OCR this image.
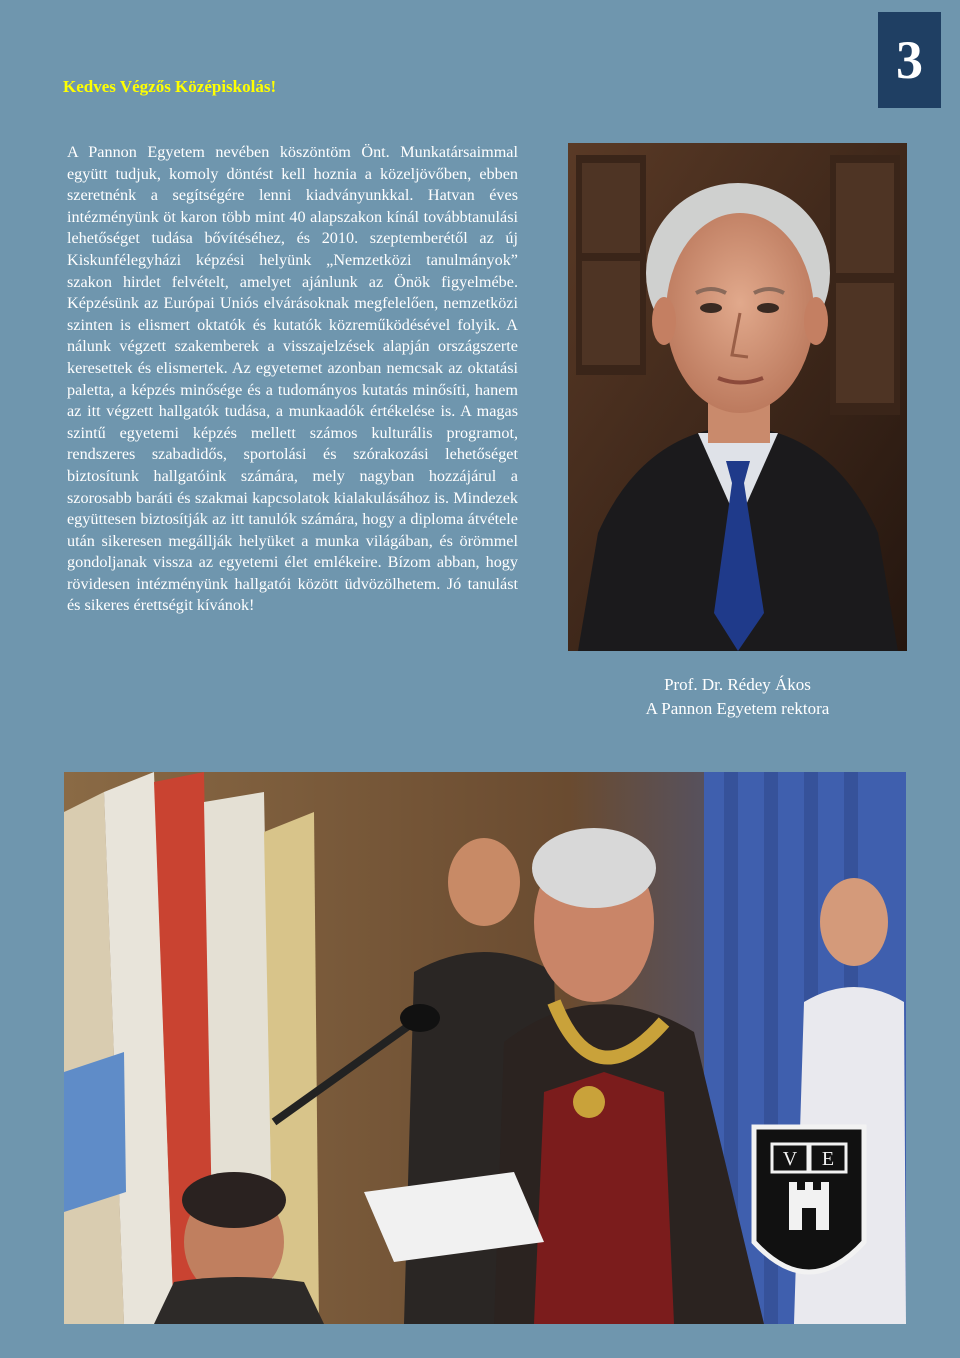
3
Kedves Végzős Középiskolás!

A Pannon Egyetem nevében köszöntöm Önt. Munkatársaimmal együtt tudjuk, komoly döntést kell hoznia a közeljövőben, ebben szeretnénk a segítségére lenni kiadványunkkal. Hatvan éves intézményünk öt karon több mint 40 alapszakon kínál továbbtanulási lehetőséget tudása bővítéséhez, és 2010. szeptemberétől az új Kiskunfélegyházi képzési helyünk „Nemzetközi tanulmányok” szakon hirdet felvételt, amelyet ajánlunk az Önök figyelmébe. Képzésünk az Európai Uniós elvárásoknak megfelelően, nemzetközi szinten is elismert oktatók és kutatók közreműködésével folyik. A nálunk végzett szakemberek a visszajelzések alapján országszerte keresettek és elismertek. Az egyetemet azonban nemcsak az oktatási paletta, a képzés minősége és a tudományos kutatás minősíti, hanem az itt végzett hallgatók tudása, a munkaadók értékelése is. A magas szintű egyetemi képzés mellett számos kulturális programot, rendszeres szabadidős, sportolási és szórakozási lehetőséget biztosítunk hallgatóink számára, mely nagyban hozzájárul a szorosabb baráti és szakmai kapcsolatok kialakulásához is. Mindezek együttesen biztosítják az itt tanulók számára, hogy a diploma átvétele után sikeresen megállják helyüket a munka világában, és örömmel gondoljanak vissza az egyetemi élet emlékeire. Bízom abban, hogy rövidesen intézményünk hallgatói között üdvözölhetem. Jó tanulást és sikeres érettségit kívánok!

Prof. Dr. Rédey Ákos
A Pannon Egyetem rektora
V E
